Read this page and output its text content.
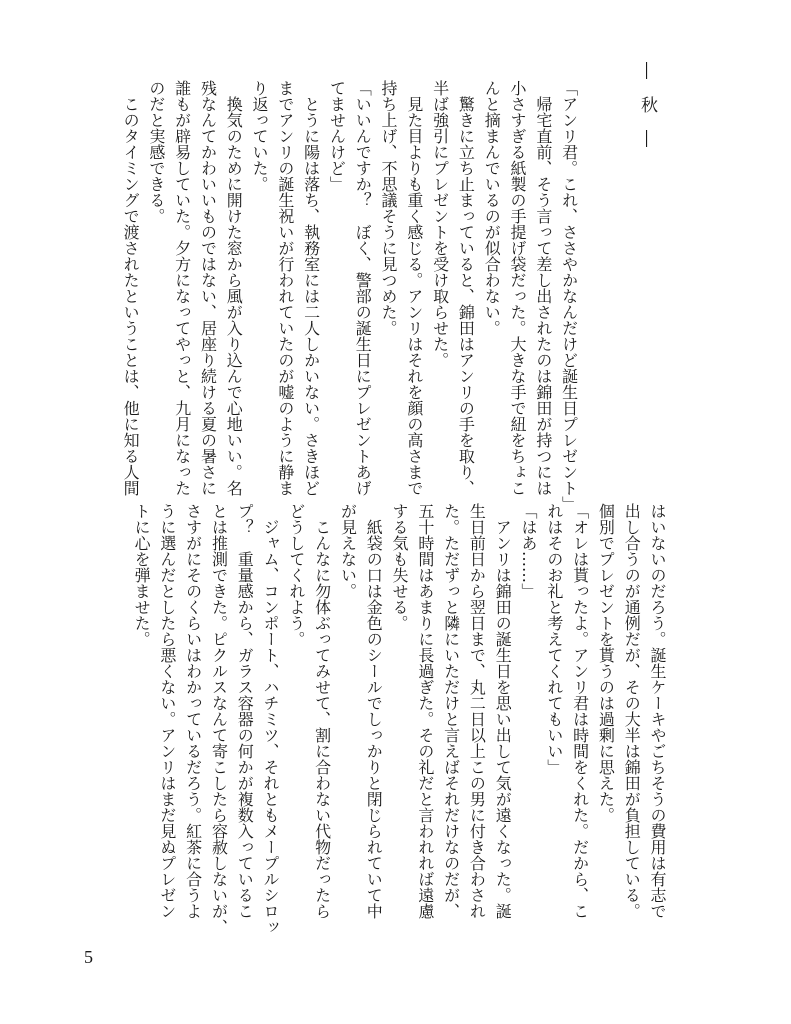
―　秋　―
「アンリ君。これ、ささやかなんだけど誕生日プレゼント」
　帰宅直前、そう言って差し出されたのは錦田が持つには
小さすぎる紙製の手提げ袋だった。大きな手で紐をちょこ
んと摘まんでいるのが似合わない。
　驚きに立ち止まっていると、錦田はアンリの手を取り、
半ば強引にプレゼントを受け取らせた。
　見た目よりも重く感じる。アンリはそれを顔の高さまで
持ち上げ、不思議そうに見つめた。
「いいんですか？　ぼく、警部の誕生日にプレゼントあげ
てませんけど」
　とうに陽は落ち、執務室には二人しかいない。さきほど
までアンリの誕生祝いが行われていたのが嘘のように静ま
り返っていた。
　換気のために開けた窓から風が入り込んで心地いい。名
残なんてかわいいものではない、居座り続ける夏の暑さに
誰もが辟易していた。夕方になってやっと、九月になった
のだと実感できる。
　このタイミングで渡されたということは、他に知る人間
はいないのだろう。誕生ケーキやごちそうの費用は有志で
出し合うのが通例だが、その大半は錦田が負担している。
個別でプレゼントを貰うのは過剰に思えた。
「オレは貰ったよ。アンリ君は時間をくれた。だから、こ
れはそのお礼と考えてくれてもいい」
「はあ……」
　アンリは錦田の誕生日を思い出して気が遠くなった。誕
生日前日から翌日まで、丸二日以上この男に付き合わされ
た。ただずっと隣にいただけと言えばそれだけなのだが、
五十時間はあまりに長過ぎた。その礼だと言われれば遠慮
する気も失せる。
　紙袋の口は金色のシールでしっかりと閉じられていて中
が見えない。
　こんなに勿体ぶってみせて、割に合わない代物だったら
どうしてくれよう。
　ジャム、コンポート、ハチミツ、それともメープルシロッ
プ？　重量感から、ガラス容器の何かが複数入っているこ
とは推測できた。ピクルスなんて寄こしたら容赦しないが、
さすがにそのくらいはわかっているだろう。紅茶に合うよ
うに選んだとしたら悪くない。アンリはまだ見ぬプレゼン
トに心を弾ませた。
5
